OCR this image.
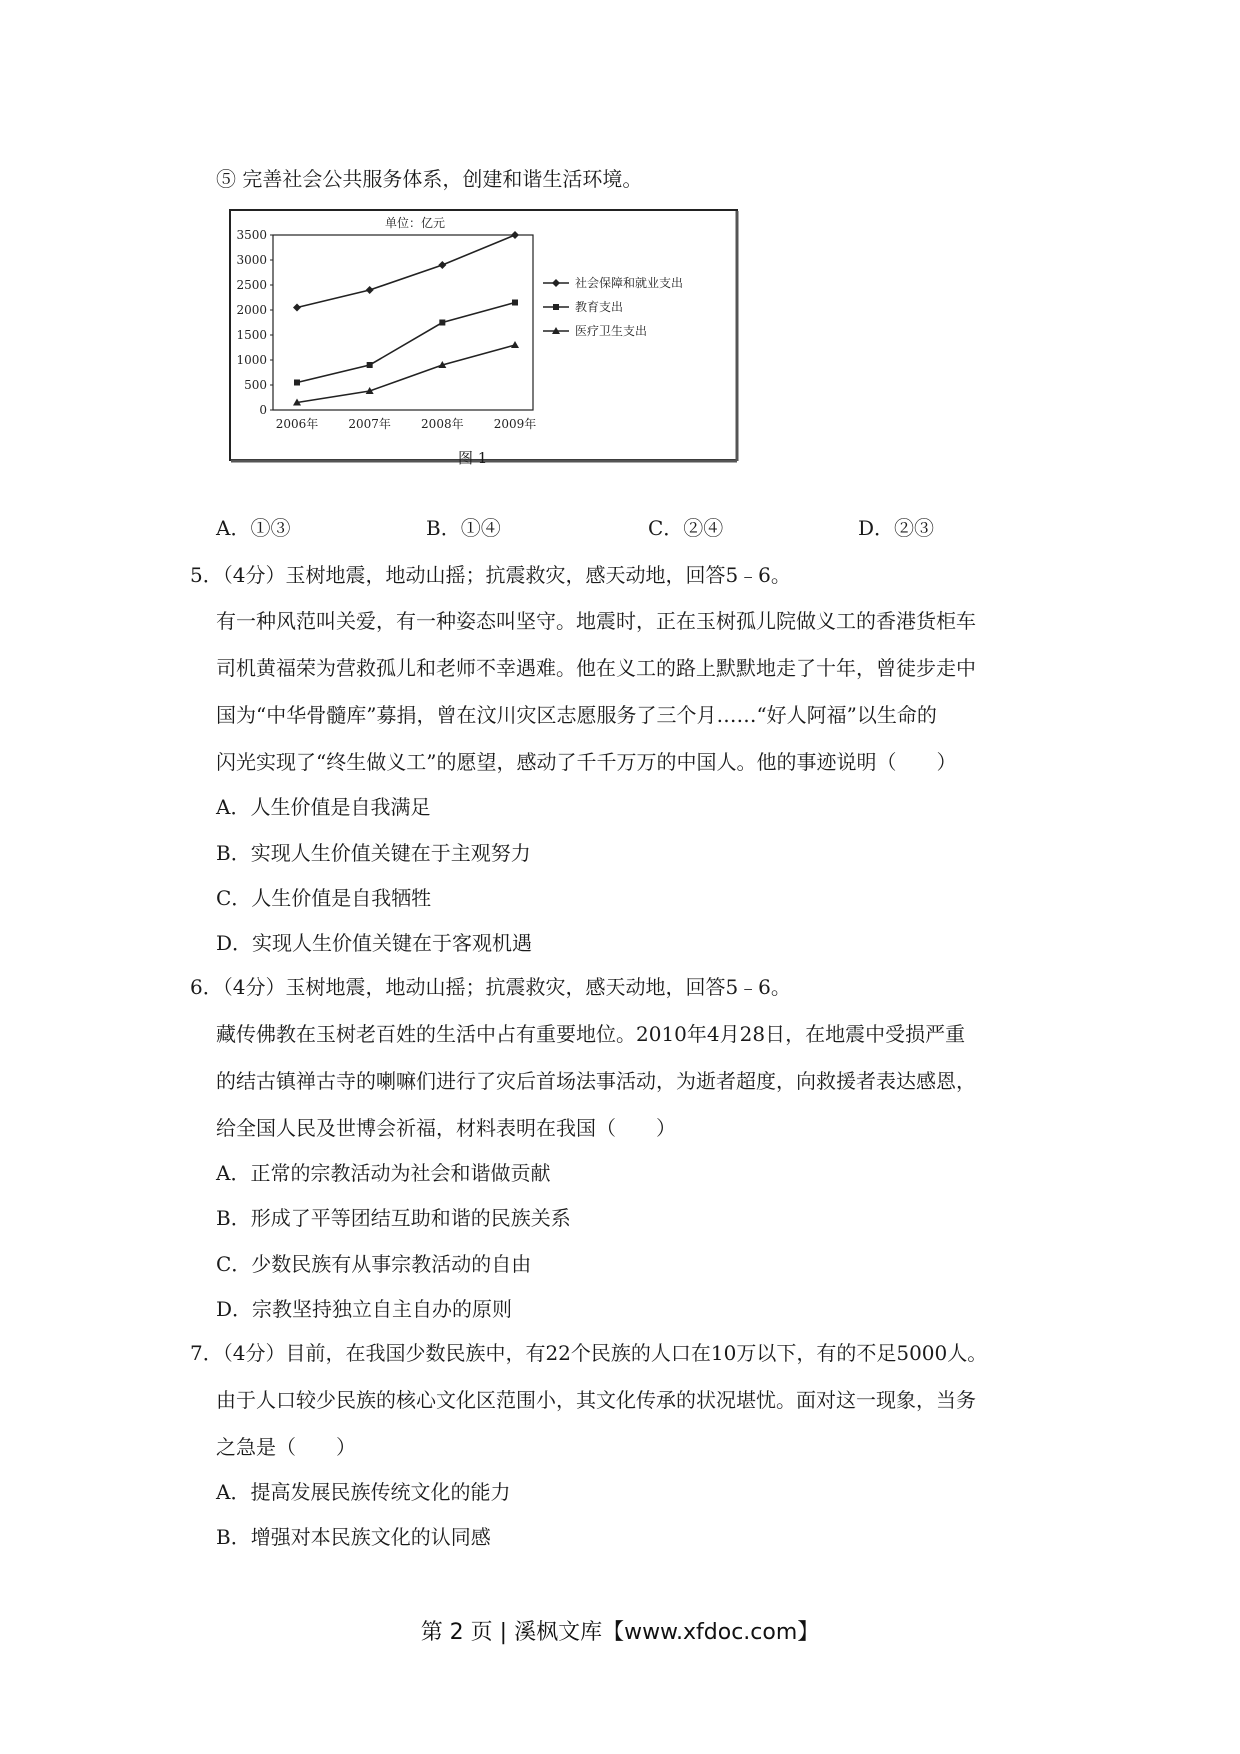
⑤ 完善社会公共服务体系，创建和谐生活环境。
单位：亿元
0
500
1000
1500
2000
2500
3000
3500
2006年	2007年	2008年	2009年
社会保障和就业支出
教育支出
医疗卫生支出
图 1
A．①③	B．①④	C．②④	D．②③
5．（4分）玉树地震，地动山摇；抗震救灾，感天动地，回答5﹣6。
有一种风范叫关爱，有一种姿态叫坚守。地震时，正在玉树孤儿院做义工的香港货柜车
司机黄福荣为营救孤儿和老师不幸遇难。他在义工的路上默默地走了十年，曾徒步走中
国为“中华骨髓库”募捐，曾在汶川灾区志愿服务了三个月……“好人阿福”以生命的
闪光实现了“终生做义工”的愿望，感动了千千万万的中国人。他的事迹说明（　　）
A．人生价值是自我满足
B．实现人生价值关键在于主观努力
C．人生价值是自我牺牲
D．实现人生价值关键在于客观机遇
6．（4分）玉树地震，地动山摇；抗震救灾，感天动地，回答5﹣6。
藏传佛教在玉树老百姓的生活中占有重要地位。2010年4月28日，在地震中受损严重
的结古镇禅古寺的喇嘛们进行了灾后首场法事活动，为逝者超度，向救援者表达感恩，
给全国人民及世博会祈福，材料表明在我国（　　）
A．正常的宗教活动为社会和谐做贡献
B．形成了平等团结互助和谐的民族关系
C．少数民族有从事宗教活动的自由
D．宗教坚持独立自主自办的原则
7．（4分）目前，在我国少数民族中，有22个民族的人口在10万以下，有的不足5000人。
由于人口较少民族的核心文化区范围小，其文化传承的状况堪忧。面对这一现象，当务
之急是（　　）
A．提高发展民族传统文化的能力
B．增强对本民族文化的认同感
第 2 页 | 溪枫文库【www.xfdoc.com】
